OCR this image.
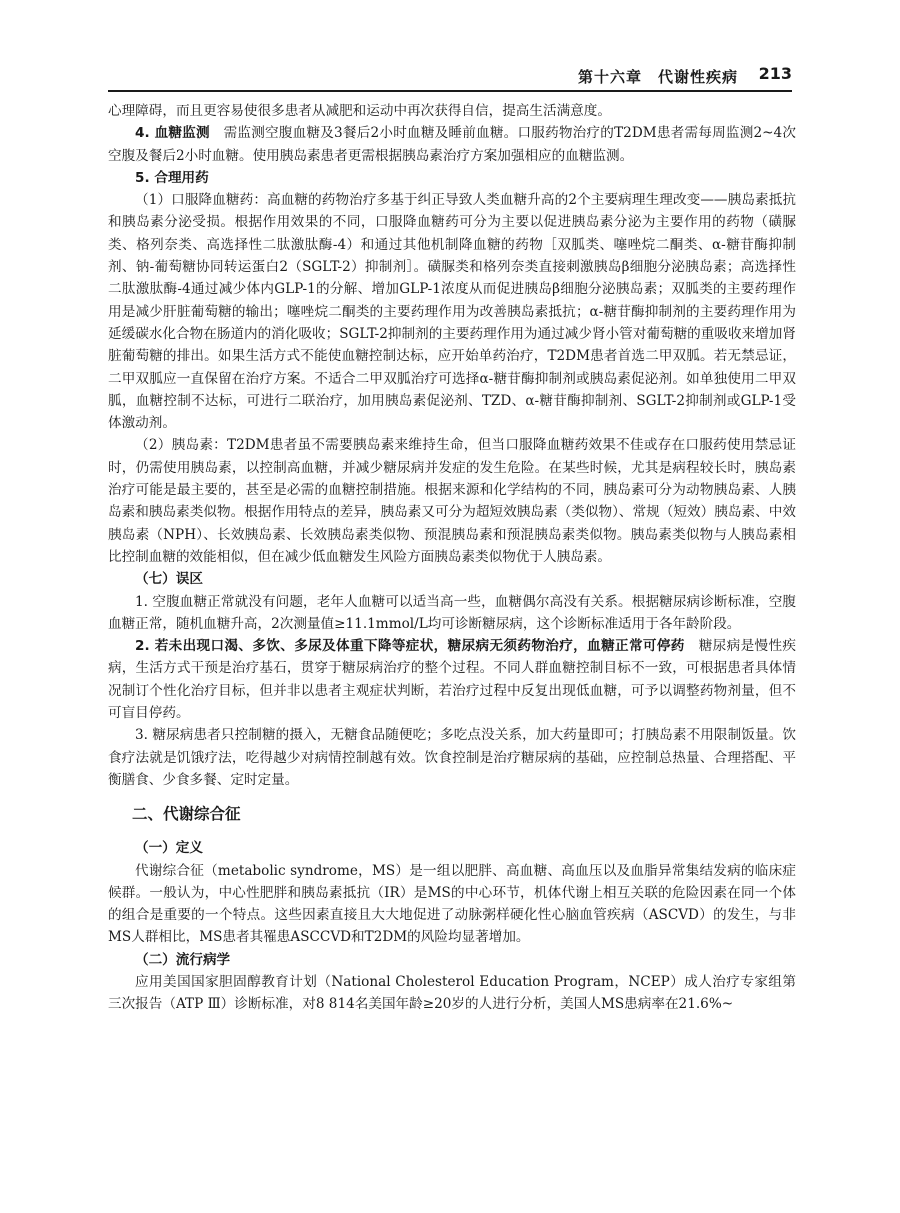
第十六章　代谢性疾病 213

心理障碍，而且更容易使很多患者从减肥和运动中再次获得自信，提高生活满意度。

4. 血糖监测　 需监测空腹血糖及3餐后2小时血糖及睡前血糖。口服药物治疗的T2DM患者需每周监测2~4次空腹及餐后2小时血糖。使用胰岛素患者更需根据胰岛素治疗方案加强相应的血糖监测。

5. 合理用药

（1）口服降血糖药：高血糖的药物治疗多基于纠正导致人类血糖升高的2个主要病理生理改变——胰岛素抵抗和胰岛素分泌受损。根据作用效果的不同，口服降血糖药可分为主要以促进胰岛素分泌为主要作用的药物（磺脲类、格列奈类、高选择性二肽激肽酶-4）和通过其他机制降血糖的药物［双胍类、噻唑烷二酮类、α-糖苷酶抑制剂、钠-葡萄糖协同转运蛋白2（SGLT-2）抑制剂］。磺脲类和格列奈类直接刺激胰岛β细胞分泌胰岛素；高选择性二肽激肽酶-4通过减少体内GLP-1的分解、增加GLP-1浓度从而促进胰岛β细胞分泌胰岛素；双胍类的主要药理作用是减少肝脏葡萄糖的输出；噻唑烷二酮类的主要药理作用为改善胰岛素抵抗；α-糖苷酶抑制剂的主要药理作用为延缓碳水化合物在肠道内的消化吸收；SGLT-2抑制剂的主要药理作用为通过减少肾小管对葡萄糖的重吸收来增加肾脏葡萄糖的排出。如果生活方式不能使血糖控制达标，应开始单药治疗，T2DM患者首选二甲双胍。若无禁忌证，二甲双胍应一直保留在治疗方案。不适合二甲双胍治疗可选择α-糖苷酶抑制剂或胰岛素促泌剂。如单独使用二甲双胍，血糖控制不达标，可进行二联治疗，加用胰岛素促泌剂、TZD、α-糖苷酶抑制剂、SGLT-2抑制剂或GLP-1受体激动剂。

（2）胰岛素：T2DM患者虽不需要胰岛素来维持生命，但当口服降血糖药效果不佳或存在口服药使用禁忌证时，仍需使用胰岛素，以控制高血糖，并减少糖尿病并发症的发生危险。在某些时候，尤其是病程较长时，胰岛素治疗可能是最主要的，甚至是必需的血糖控制措施。根据来源和化学结构的不同，胰岛素可分为动物胰岛素、人胰岛素和胰岛素类似物。根据作用特点的差异，胰岛素又可分为超短效胰岛素（类似物）、常规（短效）胰岛素、中效胰岛素（NPH）、长效胰岛素、长效胰岛素类似物、预混胰岛素和预混胰岛素类似物。胰岛素类似物与人胰岛素相比控制血糖的效能相似，但在减少低血糖发生风险方面胰岛素类似物优于人胰岛素。

（七）误区

1. 空腹血糖正常就没有问题，老年人血糖可以适当高一些，血糖偶尔高没有关系。根据糖尿病诊断标准，空腹血糖正常，随机血糖升高，2次测量值≥11.1mmol/L均可诊断糖尿病，这个诊断标准适用于各年龄阶段。

2. 若未出现口渴、多饮、多尿及体重下降等症状，糖尿病无须药物治疗，血糖正常可停药　 糖尿病是慢性疾病，生活方式干预是治疗基石，贯穿于糖尿病治疗的整个过程。不同人群血糖控制目标不一致，可根据患者具体情况制订个性化治疗目标，但并非以患者主观症状判断，若治疗过程中反复出现低血糖，可予以调整药物剂量，但不可盲目停药。

3. 糖尿病患者只控制糖的摄入，无糖食品随便吃；多吃点没关系，加大药量即可；打胰岛素不用限制饭量。饮食疗法就是饥饿疗法，吃得越少对病情控制越有效。饮食控制是治疗糖尿病的基础，应控制总热量、合理搭配、平衡膳食、少食多餐、定时定量。

二、代谢综合征
（一）定义

代谢综合征（metabolic syndrome，MS）是一组以肥胖、高血糖、高血压以及血脂异常集结发病的临床症候群。一般认为，中心性肥胖和胰岛素抵抗（IR）是MS的中心环节，机体代谢上相互关联的危险因素在同一个体的组合是重要的一个特点。这些因素直接且大大地促进了动脉粥样硬化性心脑血管疾病（ASCVD）的发生，与非MS人群相比，MS患者其罹患ASCCVD和T2DM的风险均显著增加。

（二）流行病学

应用美国国家胆固醇教育计划（National Cholesterol Education Program，NCEP）成人治疗专家组第三次报告（ATP Ⅲ）诊断标准，对8 814名美国年龄≥20岁的人进行分析，美国人MS患病率在21.6%~
